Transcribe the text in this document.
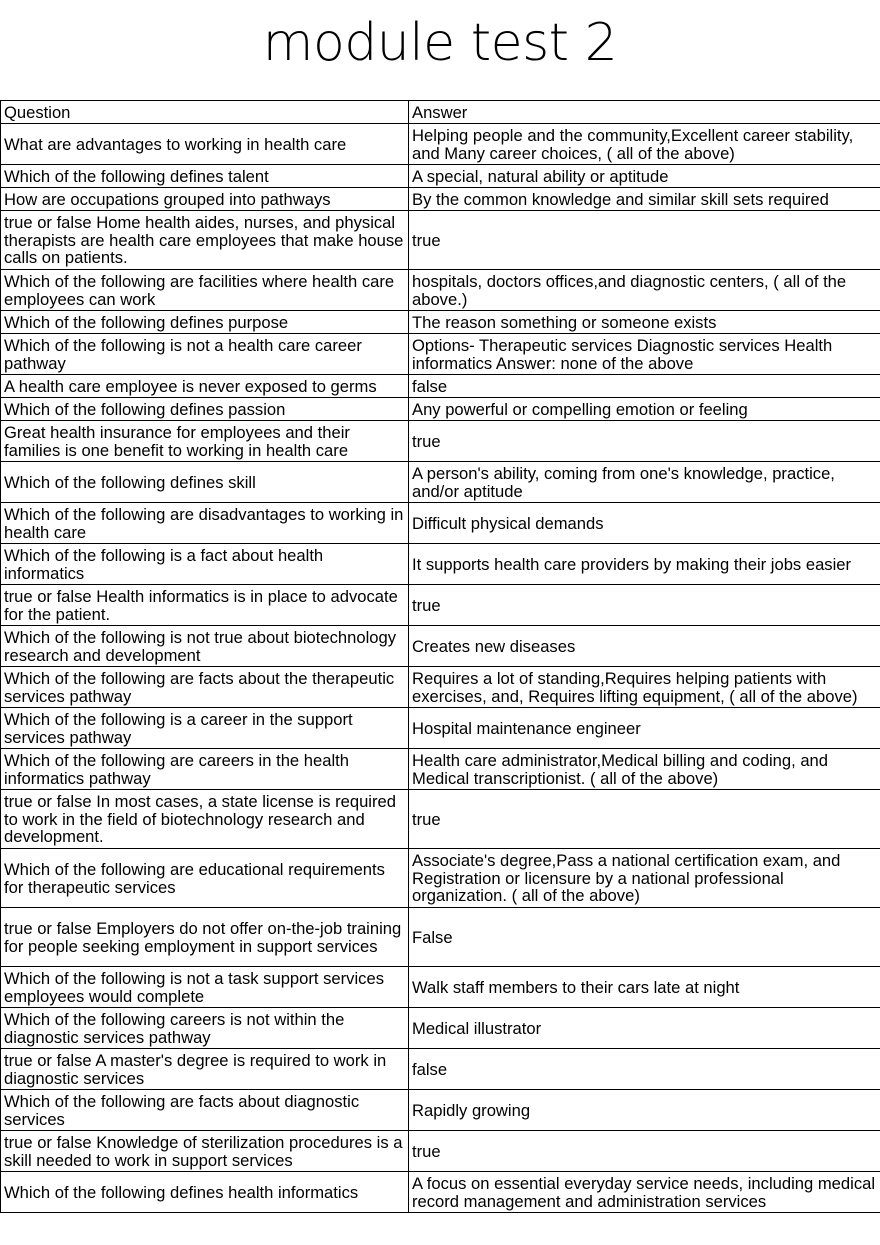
module test 2
Question	Answer
What are advantages to working in health care	Helping people and the community,Excellent career stability, and Many career choices, ( all of the above)
Which of the following defines talent	A special, natural ability or aptitude
How are occupations grouped into pathways	By the common knowledge and similar skill sets required
true or false Home health aides, nurses, and physical therapists are health care employees that make house calls on patients.	true
Which of the following are facilities where health care employees can work	hospitals, doctors offices,and diagnostic centers, ( all of the above.)
Which of the following defines purpose	The reason something or someone exists
Which of the following is not a health care career pathway	Options- Therapeutic services Diagnostic services Health informatics Answer: none of the above
A health care employee is never exposed to germs	false
Which of the following defines passion	Any powerful or compelling emotion or feeling
Great health insurance for employees and their families is one benefit to working in health care	true
Which of the following defines skill	A person's ability, coming from one's knowledge, practice, and/or aptitude
Which of the following are disadvantages to working in health care	Difficult physical demands
Which of the following is a fact about health informatics	It supports health care providers by making their jobs easier
true or false Health informatics is in place to advocate for the patient.	true
Which of the following is not true about biotechnology research and development	Creates new diseases
Which of the following are facts about the therapeutic services pathway	Requires a lot of standing,Requires helping patients with exercises, and, Requires lifting equipment, ( all of the above)
Which of the following is a career in the support services pathway	Hospital maintenance engineer
Which of the following are careers in the health informatics pathway	Health care administrator,Medical billing and coding, and Medical transcriptionist. ( all of the above)
true or false In most cases, a state license is required to work in the field of biotechnology research and development.	true
Which of the following are educational requirements for therapeutic services	Associate's degree,Pass a national certification exam, and Registration or licensure by a national professional organization. ( all of the above)
true or false Employers do not offer on-the-job training for people seeking employment in support services	False
Which of the following is not a task support services employees would complete	Walk staff members to their cars late at night
Which of the following careers is not within the diagnostic services pathway	Medical illustrator
true or false A master's degree is required to work in diagnostic services	false
Which of the following are facts about diagnostic services	Rapidly growing
true or false Knowledge of sterilization procedures is a skill needed to work in support services	true
Which of the following defines health informatics	A focus on essential everyday service needs, including medical record management and administration services
